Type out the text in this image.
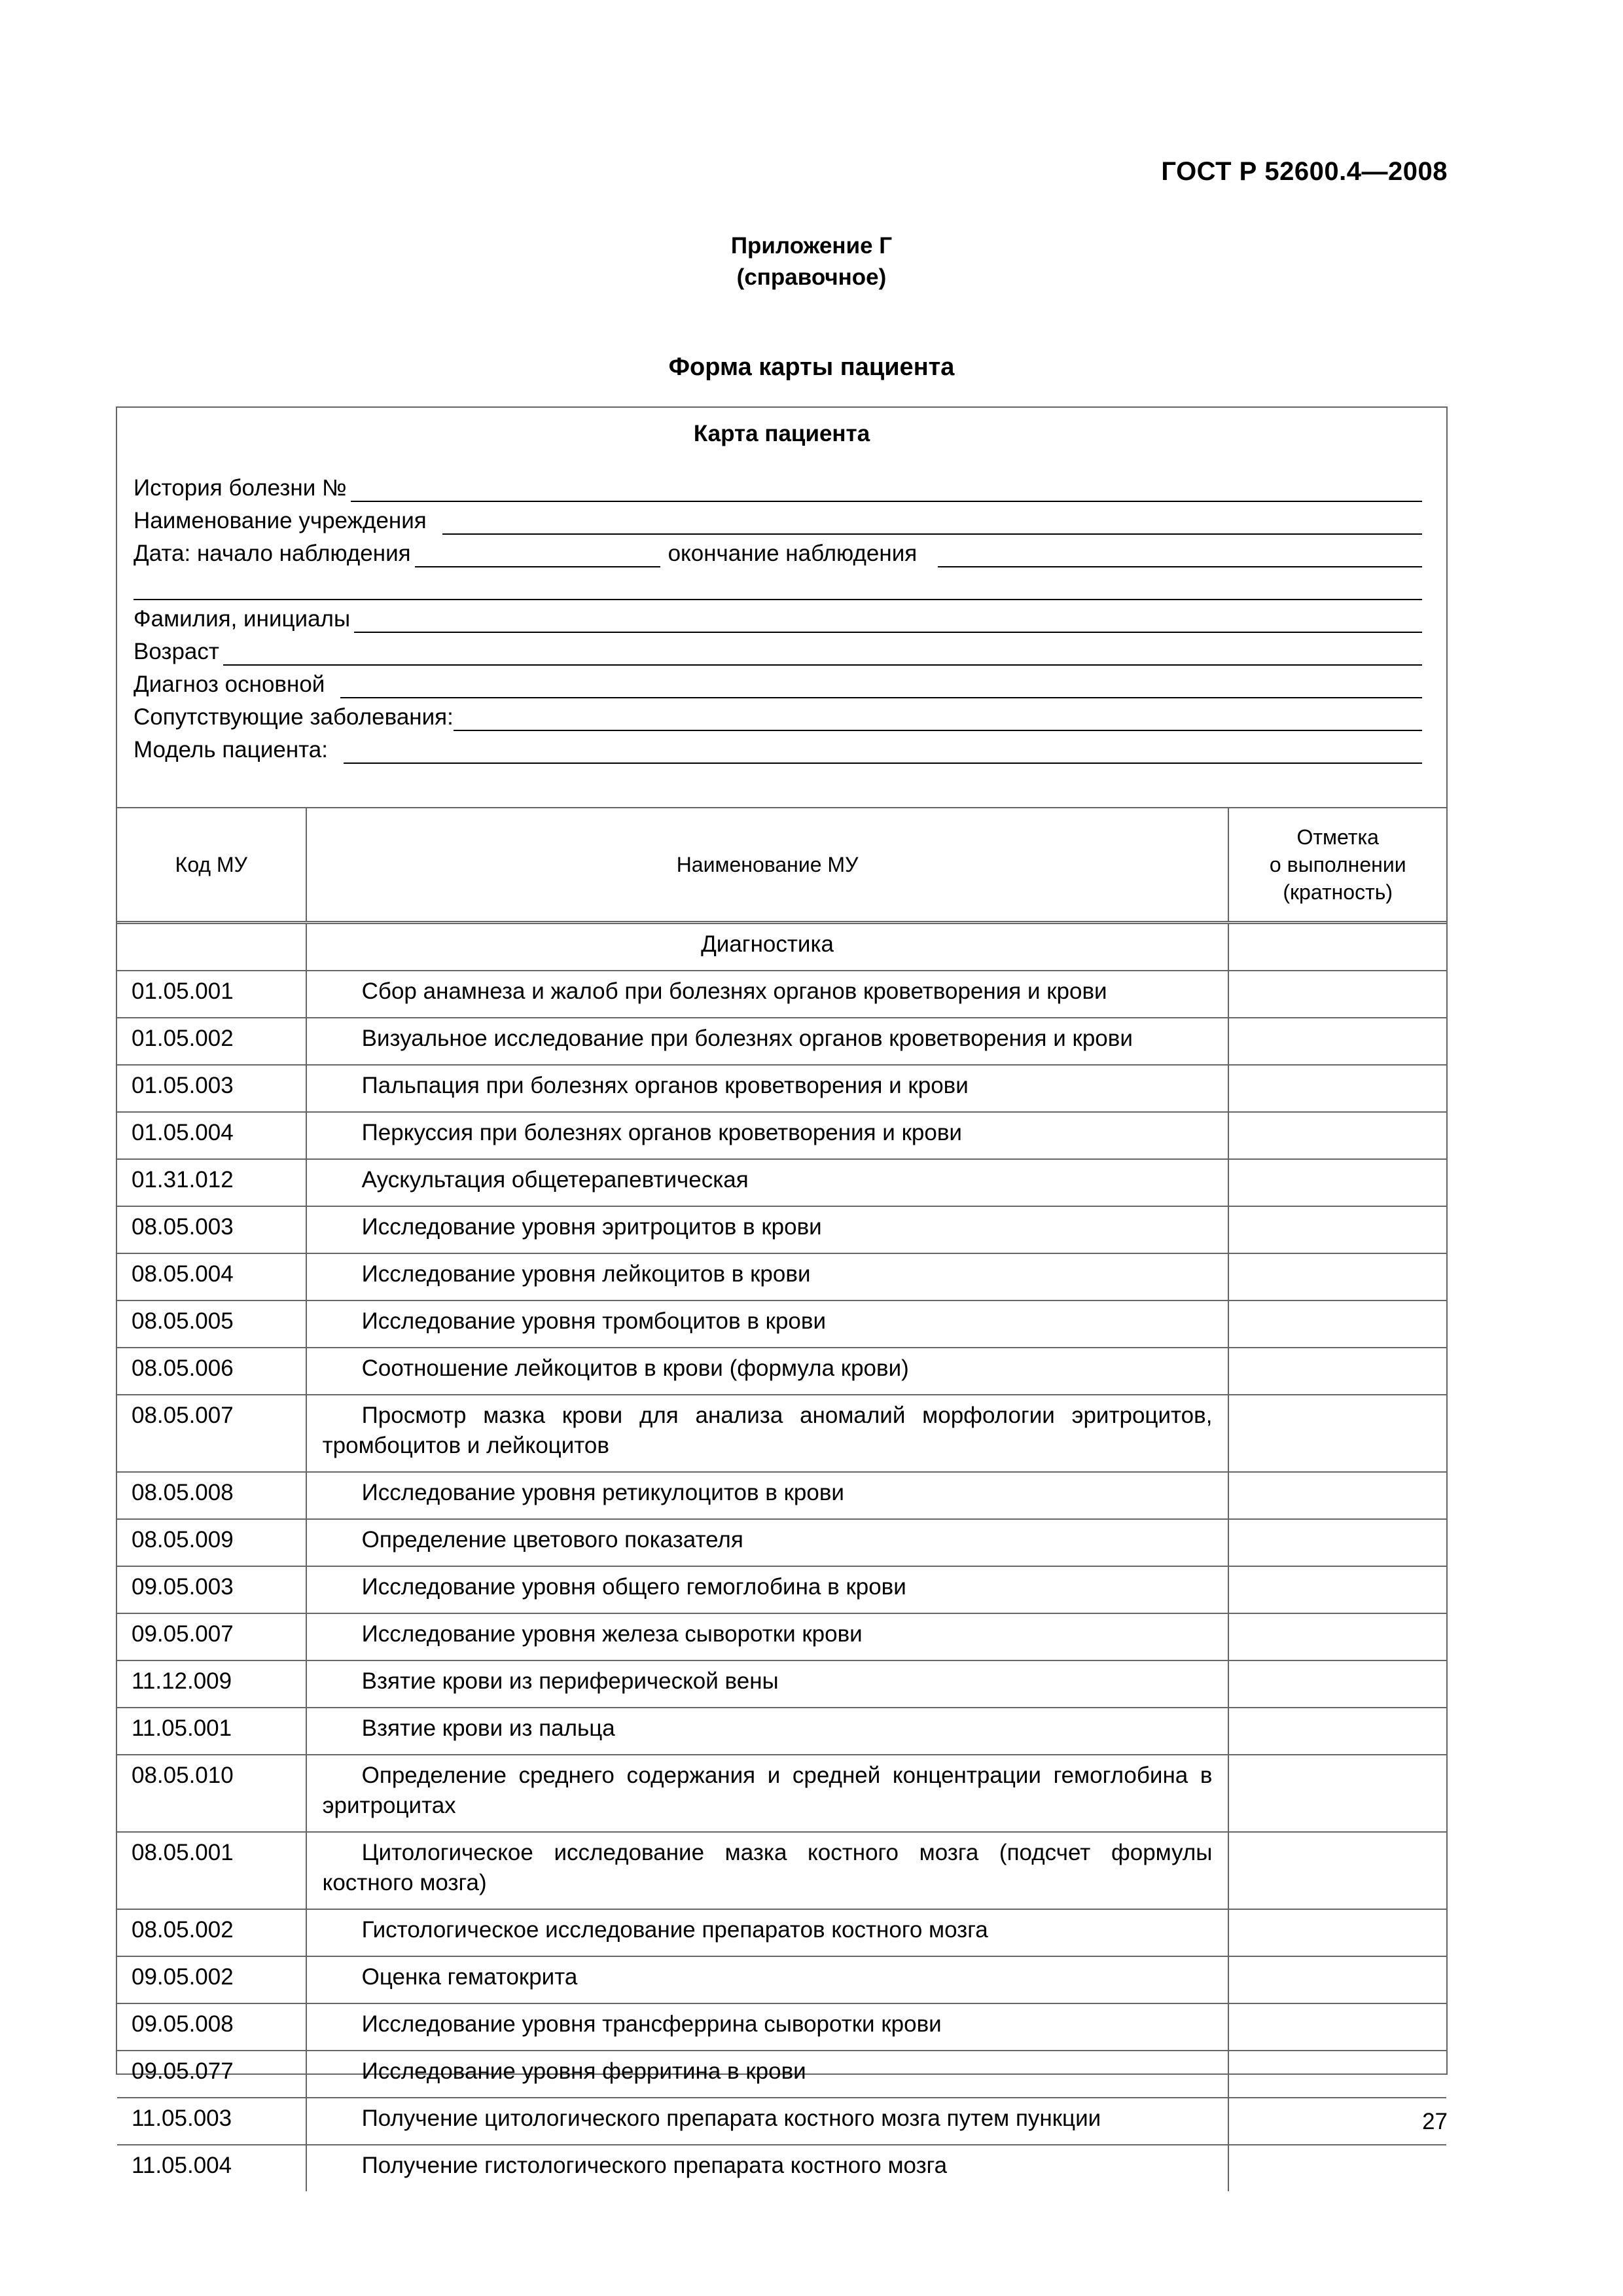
ГОСТ Р 52600.4—2008
Приложение Г
(справочное)
Форма карты пациента
Карта пациента
История болезни №
Наименование учреждения
Дата: начало наблюдения	окончание наблюдения
Фамилия, инициалы
Возраст
Диагноз основной
Сопутствующие заболевания:
Модель пациента:
Код МУ	Наименование МУ	Отметка
о выполнении
(кратность)

	Диагностика	
01.05.001	Сбор анамнеза и жалоб при болезнях органов кроветворения и крови	
01.05.002	Визуальное исследование при болезнях органов кроветворения и крови	
01.05.003	Пальпация при болезнях органов кроветворения и крови	
01.05.004	Перкуссия при болезнях органов кроветворения и крови	
01.31.012	Аускультация общетерапевтическая	
08.05.003	Исследование уровня эритроцитов в крови	
08.05.004	Исследование уровня лейкоцитов в крови	
08.05.005	Исследование уровня тромбоцитов в крови	
08.05.006	Соотношение лейкоцитов в крови (формула крови)	
08.05.007	Просмотр мазка крови для анализа аномалий морфологии эритроцитов, тромбоцитов и лейкоцитов	
08.05.008	Исследование уровня ретикулоцитов в крови	
08.05.009	Определение цветового показателя	
09.05.003	Исследование уровня общего гемоглобина в крови	
09.05.007	Исследование уровня железа сыворотки крови	
11.12.009	Взятие крови из периферической вены	
11.05.001	Взятие крови из пальца	
08.05.010	Определение среднего содержания и средней концентрации гемоглобина в эритроцитах	
08.05.001	Цитологическое исследование мазка костного мозга (подсчет формулы костного мозга)	
08.05.002	Гистологическое исследование препаратов костного мозга	
09.05.002	Оценка гематокрита	
09.05.008	Исследование уровня трансферрина сыворотки крови	
09.05.077	Исследование уровня ферритина в крови	
11.05.003	Получение цитологического препарата костного мозга путем пункции	
11.05.004	Получение гистологического препарата костного мозга	
27
